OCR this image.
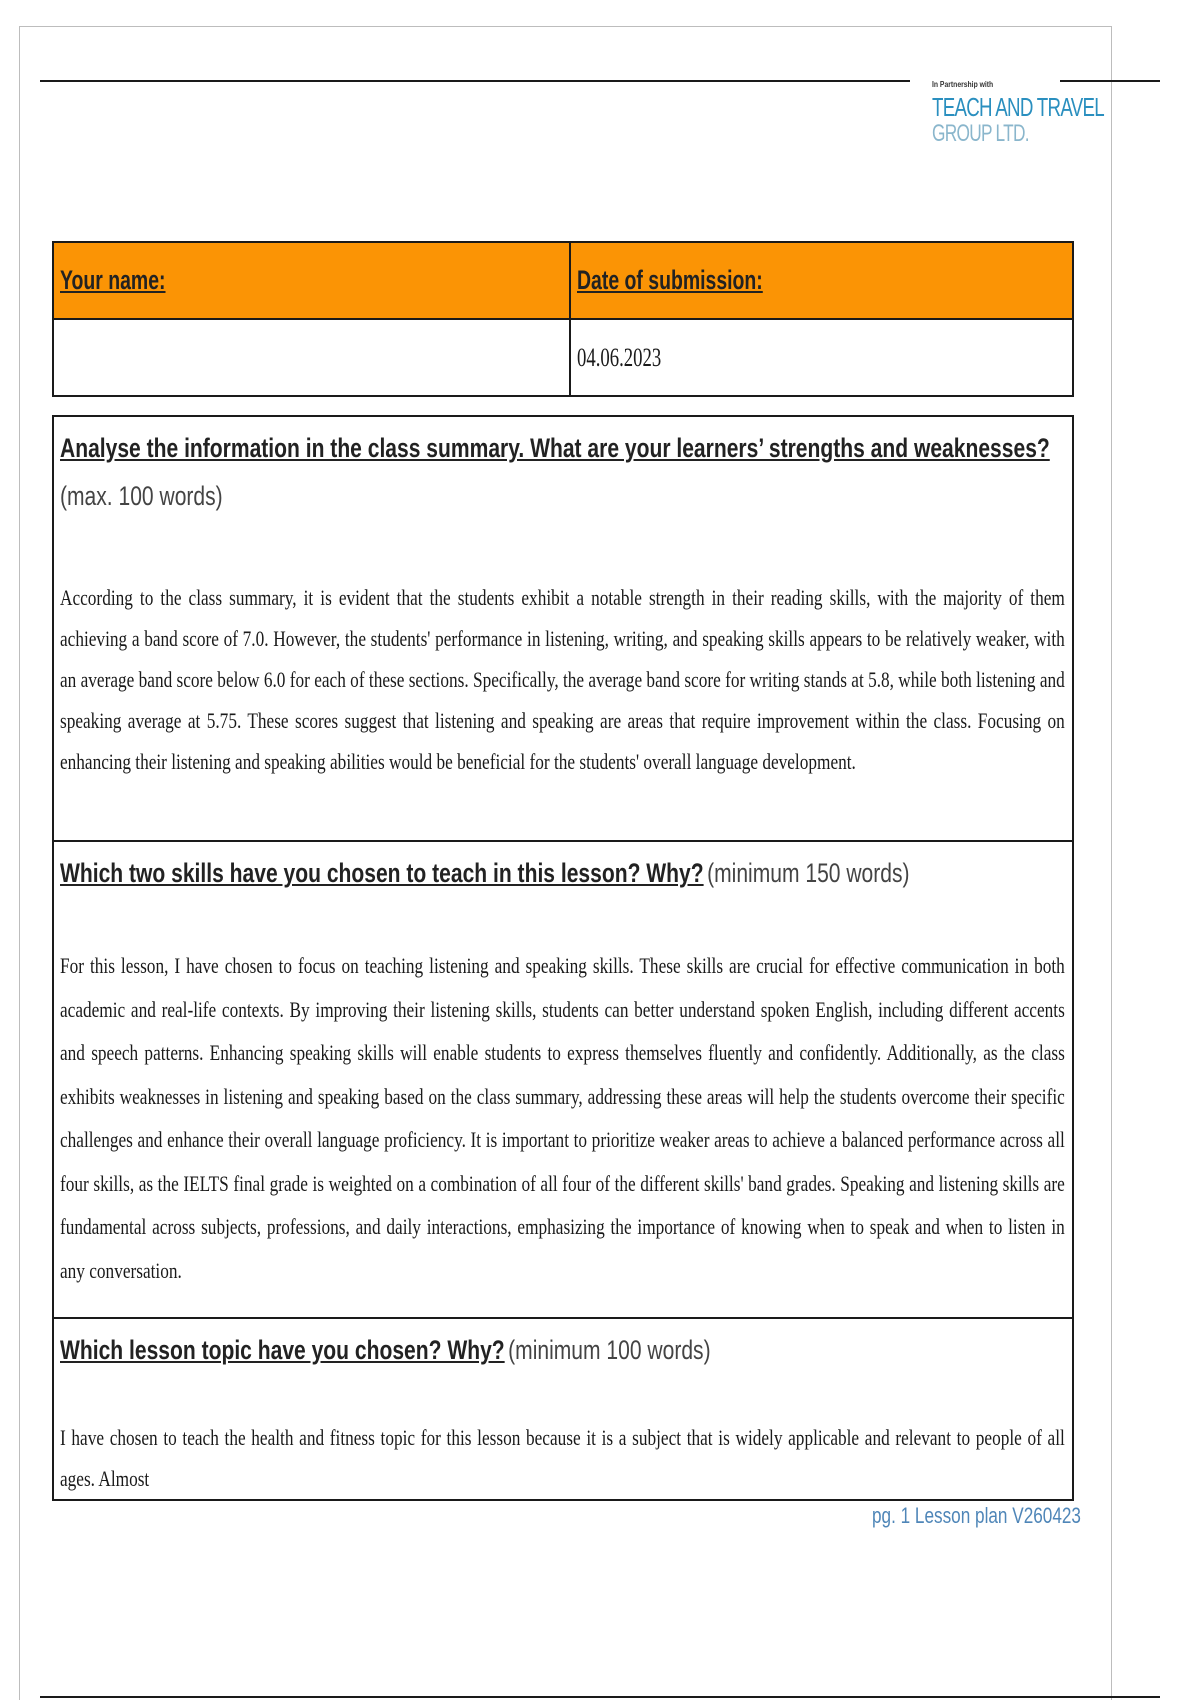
In Partnership with
TEACH AND TRAVEL
GROUP LTD.
Your name:	Date of submission:
	04.06.2023
Analyse the information in the class summary. What are your learners’ strengths and weaknesses?
(max. 100 words)
According to the class summary, it is evident that the students exhibit a notable strength in their reading skills, with the majority of them achieving a band score of 7.0. However, the students' performance in listening, writing, and speaking skills appears to be relatively weaker, with an average band score below 6.0 for each of these sections. Specifically, the average band score for writing stands at 5.8, while both listening and speaking average at 5.75. These scores suggest that listening and speaking are areas that require improvement within the class. Focusing on enhancing their listening and speaking abilities would be beneficial for the students' overall language development.
Which two skills have you chosen to teach in this lesson? Why? (minimum 150 words)
For this lesson, I have chosen to focus on teaching listening and speaking skills. These skills are crucial for effective communication in both academic and real-life contexts. By improving their listening skills, students can better understand spoken English, including different accents and speech patterns. Enhancing speaking skills will enable students to express themselves fluently and confidently. Additionally, as the class exhibits weaknesses in listening and speaking based on the class summary, addressing these areas will help the students overcome their specific challenges and enhance their overall language proficiency. It is important to prioritize weaker areas to achieve a balanced performance across all four skills, as the IELTS final grade is weighted on a combination of all four of the different skills' band grades. Speaking and listening skills are fundamental across subjects, professions, and daily interactions, emphasizing the importance of knowing when to speak and when to listen in any conversation.
Which lesson topic have you chosen? Why? (minimum 100 words)
I have chosen to teach the health and fitness topic for this lesson because it is a subject that is widely applicable and relevant to people of all ages. Almost
pg. 1 Lesson plan V260423
